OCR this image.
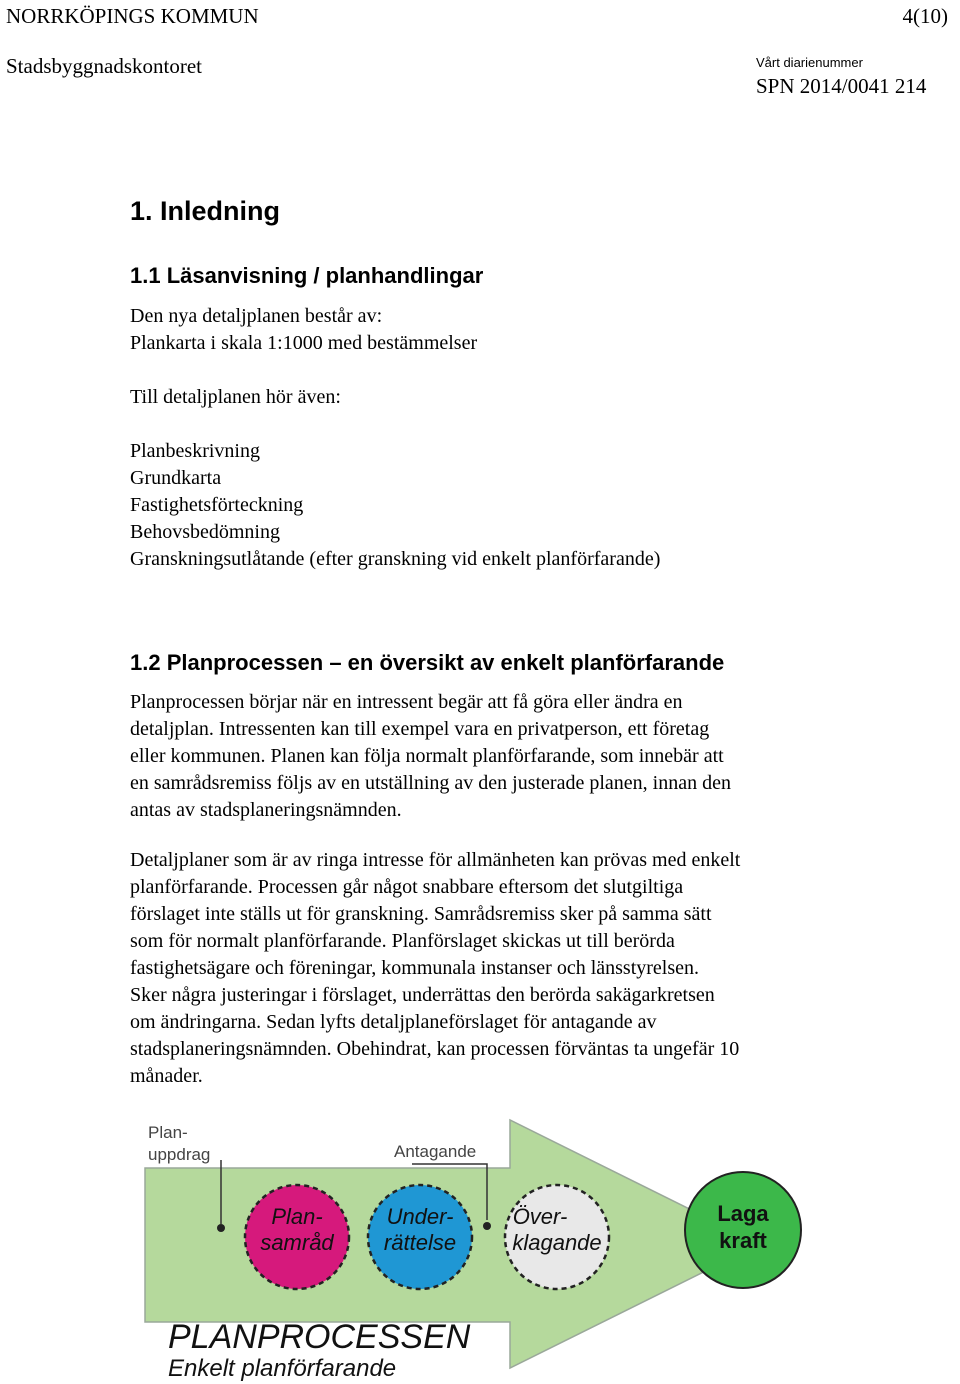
NORRKÖPINGS KOMMUN	4(10)
Stadsbyggnadskontoret	Vårt diarienummer
SPN 2014/0041 214
1. Inledning
1.1 Läsanvisning / planhandlingar
Den nya detaljplanen består av:
Plankarta i skala 1:1000 med bestämmelser
Till detaljplanen hör även:
Planbeskrivning
Grundkarta
Fastighetsförteckning
Behovsbedömning
Granskningsutlåtande (efter granskning vid enkelt planförfarande)
1.2 Planprocessen – en översikt av enkelt planförfarande
Planprocessen börjar när en intressent begär att få göra eller ändra en
detaljplan. Intressenten kan till exempel vara en privatperson, ett företag
eller kommunen. Planen kan följa normalt planförfarande, som innebär att
en samrådsremiss följs av en utställning av den justerade planen, innan den
antas av stadsplaneringsnämnden.
Detaljplaner som är av ringa intresse för allmänheten kan prövas med enkelt
planförfarande. Processen går något snabbare eftersom det slutgiltiga
förslaget inte ställs ut för granskning. Samrådsremiss sker på samma sätt
som för normalt planförfarande. Planförslaget skickas ut till berörda
fastighetsägare och föreningar, kommunala instanser och länsstyrelsen.
Sker några justeringar i förslaget, underrättas den berörda sakägarkretsen
om ändringarna. Sedan lyfts detaljplaneförslaget för antagande av
stadsplaneringsnämnden. Obehindrat, kan processen förväntas ta ungefär 10
månader.
Plan-
uppdrag	Antagande
Plan-
samråd
Under-
rättelse
Över-
klagande
Laga
kraft
PLANPROCESSEN
Enkelt planförfarande
